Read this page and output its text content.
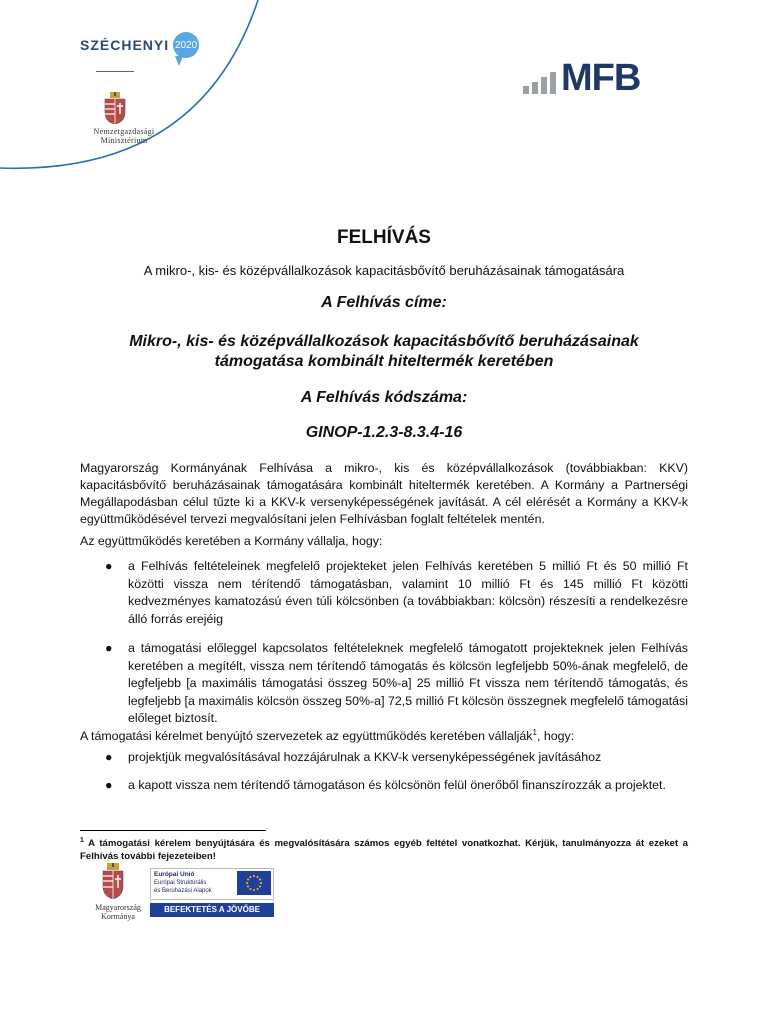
SZÉCHENYI 2020
Nemzetgazdasági
Minisztérium
MFB
FELHÍVÁS
A mikro-, kis- és középvállalkozások kapacitásbővítő beruházásainak támogatására
A Felhívás címe:
Mikro-, kis- és középvállalkozások kapacitásbővítő beruházásainak
támogatása kombinált hiteltermék keretében
A Felhívás kódszáma:
GINOP-1.2.3-8.3.4-16
Magyarország Kormányának Felhívása a mikro-, kis és középvállalkozások (továbbiakban: KKV) kapacitásbővítő beruházásainak támogatására kombinált hiteltermék keretében. A Kormány a Partnerségi Megállapodásban célul tűzte ki a KKV-k versenyképességének javítását. A cél elérését a Kormány a KKV-k együttműködésével tervezi megvalósítani jelen Felhívásban foglalt feltételek mentén.
Az együttműködés keretében a Kormány vállalja, hogy:
● a Felhívás feltételeinek megfelelő projekteket jelen Felhívás keretében 5 millió Ft és 50 millió Ft közötti vissza nem térítendő támogatásban, valamint 10 millió Ft és 145 millió Ft közötti kedvezményes kamatozású éven túli kölcsönben (a továbbiakban: kölcsön) részesíti a rendelkezésre álló forrás erejéig
● a támogatási előleggel kapcsolatos feltételeknek megfelelő támogatott projekteknek jelen Felhívás keretében a megítélt, vissza nem térítendő támogatás és kölcsön legfeljebb 50%-ának megfelelő, de legfeljebb [a maximális támogatási összeg 50%-a] 25 millió Ft vissza nem térítendő támogatás, és legfeljebb [a maximális kölcsön összeg 50%-a] 72,5 millió Ft kölcsön összegnek megfelelő támogatási előleget biztosít.
A támogatási kérelmet benyújtó szervezetek az együttműködés keretében vállalják$^1$, hogy:
● projektjük megvalósításával hozzájárulnak a KKV-k versenyképességének javításához
● a kapott vissza nem térítendő támogatáson és kölcsönön felül önerőből finanszírozzák a projektet.
$^1$ A támogatási kérelem benyújtására és megvalósítására számos egyéb feltétel vonatkozhat. Kérjük, tanulmányozza át ezeket a Felhívás további fejezeteiben!
Magyarország
Kormánya
Európai Unió
Európai Strukturális
és Beruházási Alapok
BEFEKTETÉS A JÖVŐBE
